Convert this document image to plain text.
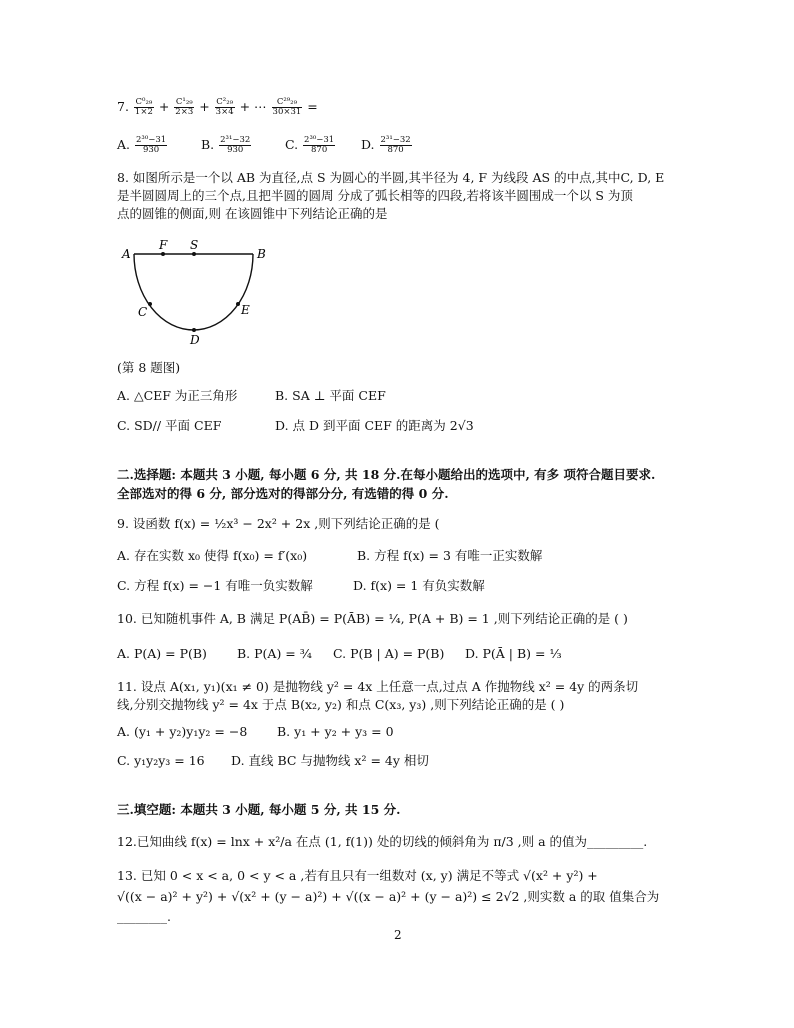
7. $\frac{\text{C⁰₂₉}}{1\times 2} + \frac{\text{C¹₂₉}}{2\times 3} + \frac{\text{C²₂₉}}{3\times 4}$ + ⋯ $\frac{\text{C²⁹₂₉}}{30\times 31}$ =
A. $\frac{\text{2³⁰−31}}{930}$	B. $\frac{\text{2³¹−32}}{930}$	C. $\frac{\text{2³⁰−31}}{870} D$. $\frac{\text{2³¹−32}}{870}$
8. 如图所示是一个以 AB 为直径,点 S 为圆心的半圆,其半径为 4, F 为线段 AS 的中点,其中C, D, E
是半圆圆周上的三个点,且把半圆的圆周 分成了弧长相等的四段,若将该半圆围成一个以 S 为顶
点的圆锥的侧面,则 在该圆锥中下列结论正确的是
A
F S
B
C
D
E
(第 8 题图)
A. △CEF 为正三角形	B. SA ⊥ 平面 CEF
C. SD// 平面 CEF	D. 点 D 到平面 CEF 的距离为 2√3
二.选择题: 本题共 3 小题, 每小题 6 分, 共 18 分.在每小题给出的选项中, 有多 项符合题目要求.
全部选对的得 6 分, 部分选对的得部分分, 有选错的得 0 分.
9. 设函数 f(x) = ½x³ − 2x² + 2x ,则下列结论正确的是 (
A. 存在实数 x₀ 使得 f(x₀) = f′(x₀)	B. 方程 f(x) = 3 有唯一正实数解
C. 方程 f(x) = −1 有唯一负实数解	D. f(x) = 1 有负实数解
10. 已知随机事件 A, B 满足 P(AB̄) = P(ĀB) = ¼, P(A + B) = 1 ,则下列结论正确的是 ( )
A. P(A) = P(B) B. P(A) = ¾ C. P(B | A) = P(B) D. P(Ā | B) = ⅓
11. 设点 A(x₁, y₁)(x₁ ≠ 0) 是抛物线 y² = 4x 上任意一点,过点 A 作抛物线 x² = 4y 的两条切
线,分别交抛物线 y² = 4x 于点 B(x₂, y₂) 和点 C(x₃, y₃) ,则下列结论正确的是 ( )
A. (y₁ + y₂)y₁y₂ = −8 B. y₁ + y₂ + y₃ = 0
C. y₁y₂y₃ = 16 D. 直线 BC 与抛物线 x² = 4y 相切
三.填空题: 本题共 3 小题, 每小题 5 分, 共 15 分.
12.已知曲线 f(x) = lnx + x²/a 在点 (1, f(1)) 处的切线的倾斜角为 π/3 ,则 a 的值为_________.
13. 已知 0 < x < a, 0 < y < a ,若有且只有一组数对 (x, y) 满足不等式 √(x² + y²) +
√((x − a)² + y²) + √(x² + (y − a)²) + √((x − a)² + (y − a)²) ≤ 2√2 ,则实数 a 的取 值集合为
________.
2
